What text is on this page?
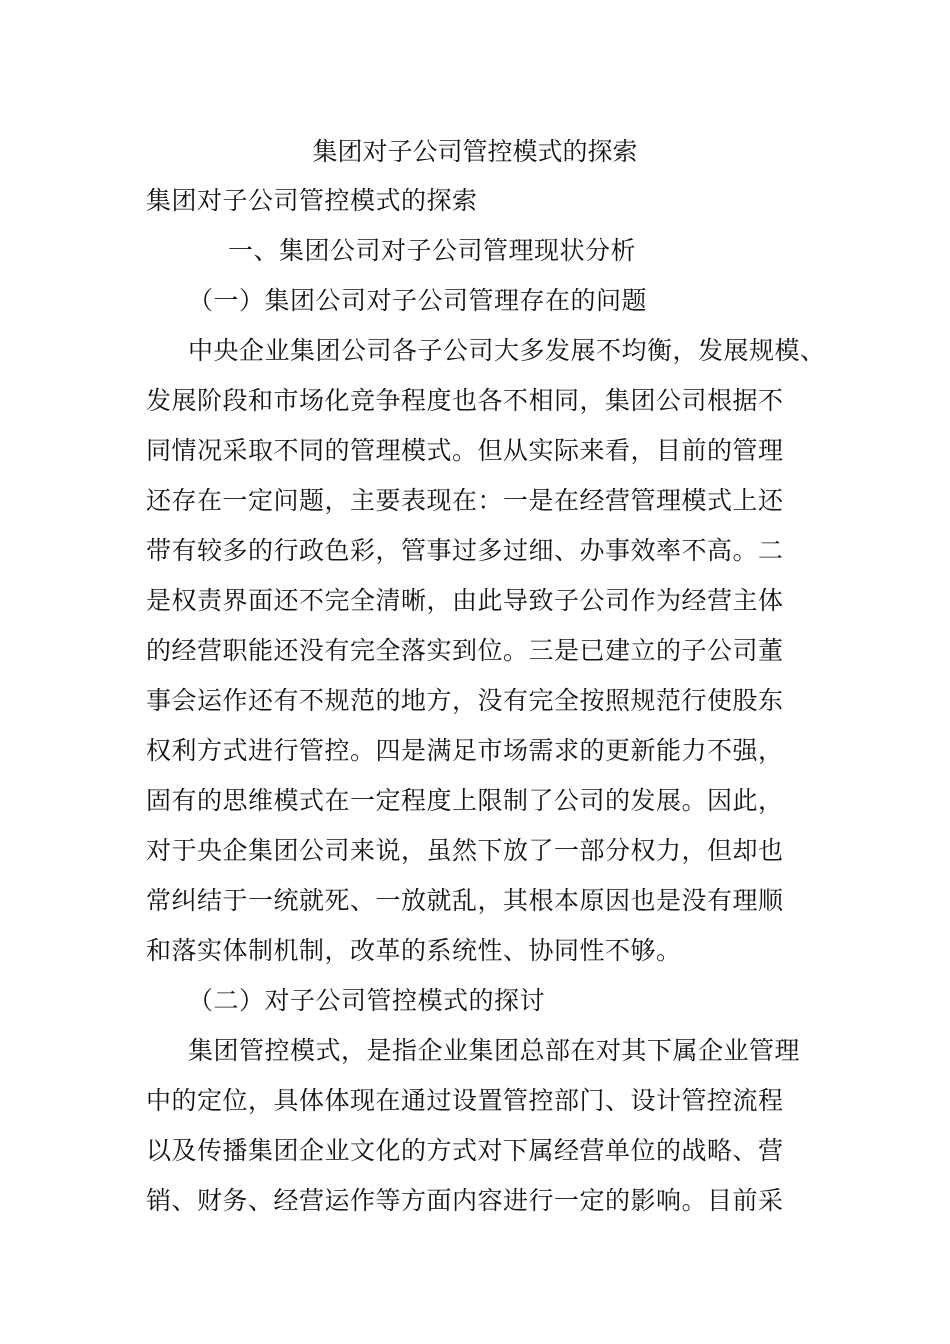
集团对子公司管控模式的探索
集团对子公司管控模式的探索
一、集团公司对子公司管理现状分析
（一）集团公司对子公司管理存在的问题
中央企业集团公司各子公司大多发展不均衡，发展规模、
发展阶段和市场化竞争程度也各不相同，集团公司根据不
同情况采取不同的管理模式。但从实际来看，目前的管理
还存在一定问题，主要表现在：一是在经营管理模式上还
带有较多的行政色彩，管事过多过细、办事效率不高。二
是权责界面还不完全清晰，由此导致子公司作为经营主体
的经营职能还没有完全落实到位。三是已建立的子公司董
事会运作还有不规范的地方，没有完全按照规范行使股东
权利方式进行管控。四是满足市场需求的更新能力不强，
固有的思维模式在一定程度上限制了公司的发展。因此，
对于央企集团公司来说，虽然下放了一部分权力，但却也
常纠结于一统就死、一放就乱，其根本原因也是没有理顺
和落实体制机制，改革的系统性、协同性不够。
（二）对子公司管控模式的探讨
集团管控模式，是指企业集团总部在对其下属企业管理
中的定位，具体体现在通过设置管控部门、设计管控流程
以及传播集团企业文化的方式对下属经营单位的战略、营
销、财务、经营运作等方面内容进行一定的影响。目前采
